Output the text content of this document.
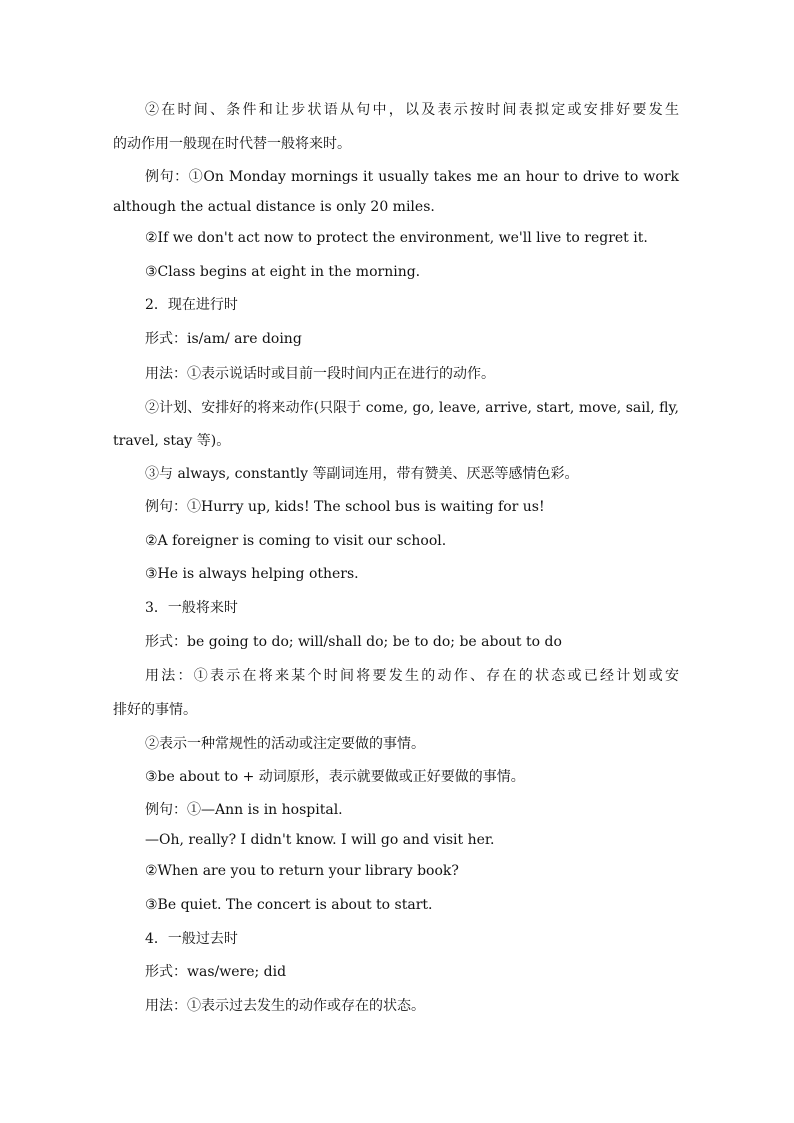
②在时间、条件和让步状语从句中，以及表示按时间表拟定或安排好要发生
的动作用一般现在时代替一般将来时。
例句：①On Monday mornings it usually takes me an hour to drive to work
although the actual distance is only 20 miles.
②If we don't act now to protect the environment, we'll live to regret it.
③Class begins at eight in the morning.
2．现在进行时
形式：is/am/ are doing
用法：①表示说话时或目前一段时间内正在进行的动作。
②计划、安排好的将来动作(只限于 come, go, leave, arrive, start, move, sail, fly,
travel, stay 等)。
③与 always, constantly 等副词连用，带有赞美、厌恶等感情色彩。
例句：①Hurry up, kids! The school bus is waiting for us!
②A foreigner is coming to visit our school.
③He is always helping others.
3．一般将来时
形式：be going to do; will/shall do; be to do; be about to do
用法：①表示在将来某个时间将要发生的动作、存在的状态或已经计划或安
排好的事情。
②表示一种常规性的活动或注定要做的事情。
③be about to + 动词原形，表示就要做或正好要做的事情。
例句：①—Ann is in hospital.
—Oh, really? I didn't know. I will go and visit her.
②When are you to return your library book?
③Be quiet. The concert is about to start.
4．一般过去时
形式：was/were; did
用法：①表示过去发生的动作或存在的状态。
